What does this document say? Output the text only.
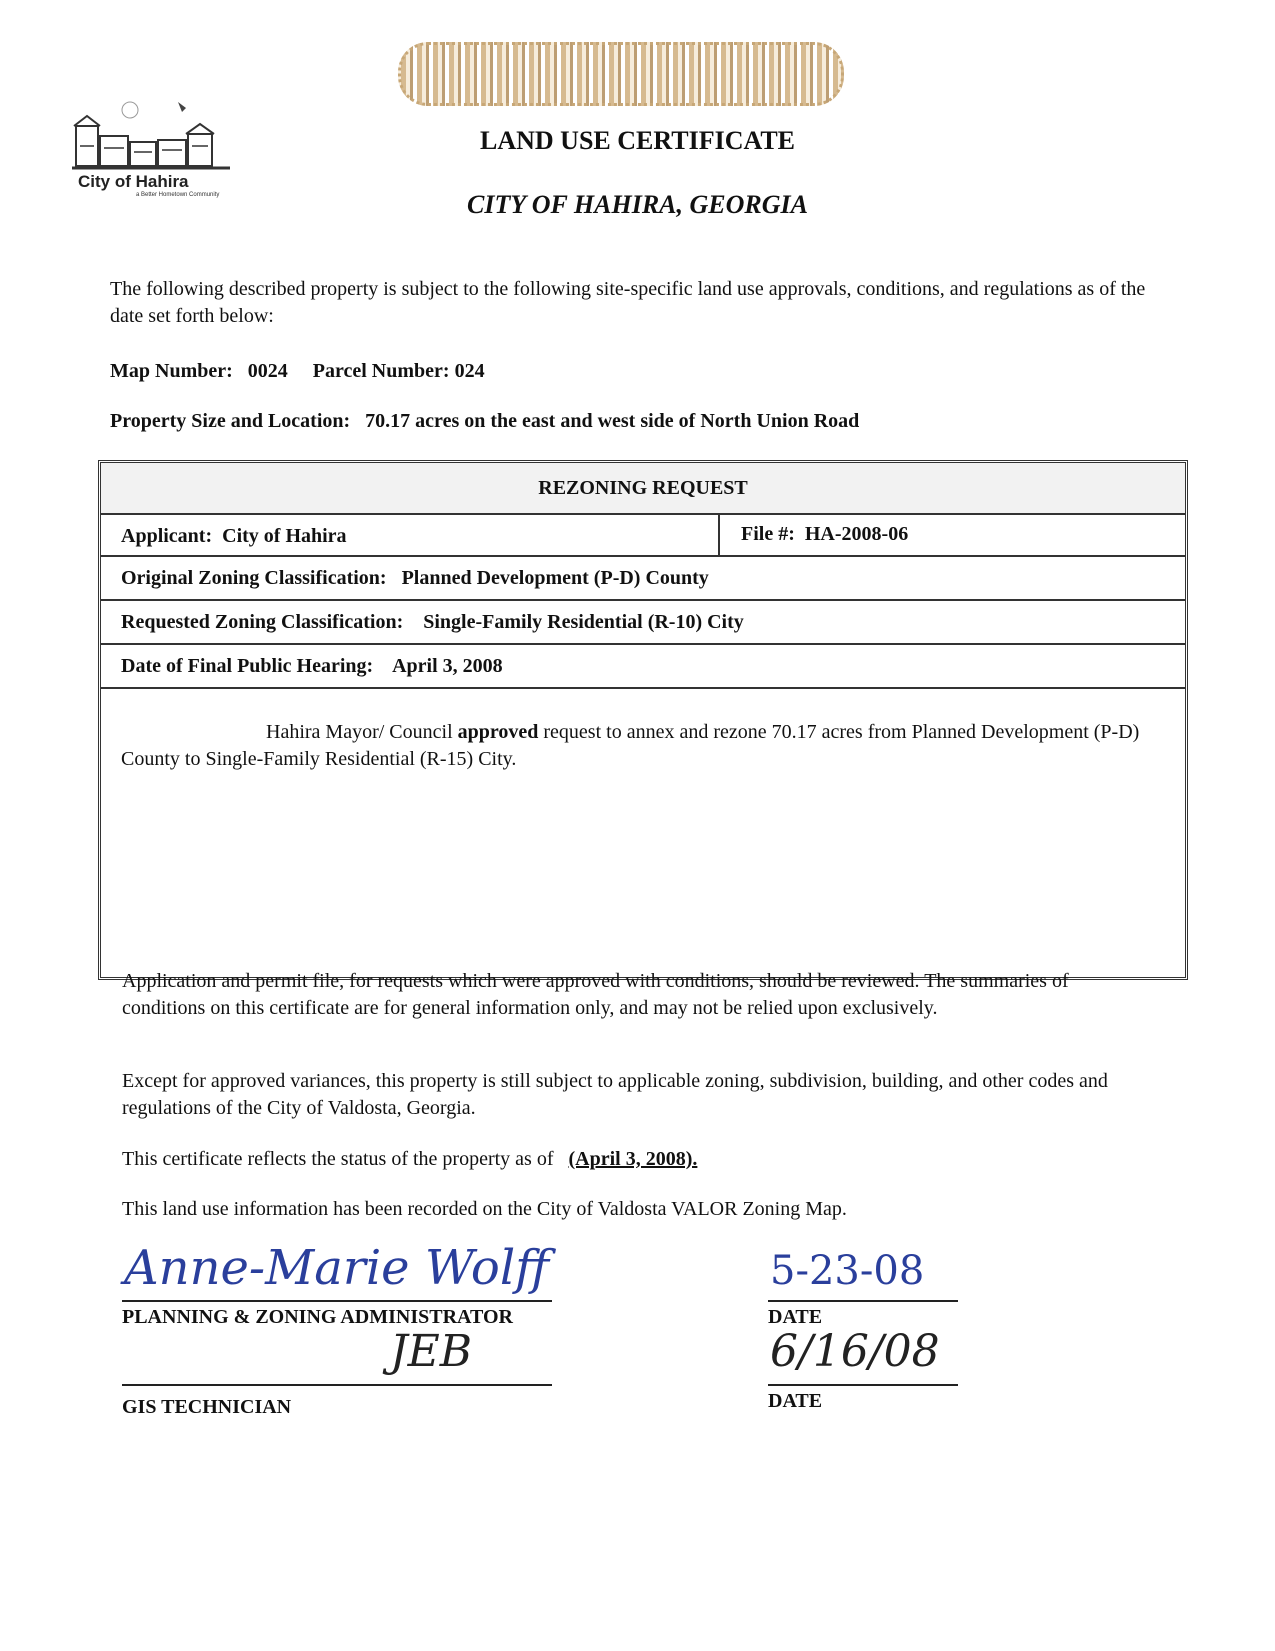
City of Hahira
a Better Hometown Community
LAND USE CERTIFICATE
CITY OF HAHIRA, GEORGIA
The following described property is subject to the following site-specific land use approvals, conditions, and regulations as of the date set forth below:
Map Number: 0024 Parcel Number: 024
Property Size and Location: 70.17 acres on the east and west side of North Union Road
REZONING REQUEST
Applicant: City of Hahira	File #: HA-2008-06
Original Zoning Classification: Planned Development (P-D) County
Requested Zoning Classification: Single-Family Residential (R-10) City
Date of Final Public Hearing: April 3, 2008
Hahira Mayor/ Council approved request to annex and rezone 70.17 acres from Planned Development (P-D) County to Single-Family Residential (R-15) City.
Application and permit file, for requests which were approved with conditions, should be reviewed. The summaries of conditions on this certificate are for general information only, and may not be relied upon exclusively.
Except for approved variances, this property is still subject to applicable zoning, subdivision, building, and other codes and regulations of the City of Valdosta, Georgia.
This certificate reflects the status of the property as of (April 3, 2008).
This land use information has been recorded on the City of Valdosta VALOR Zoning Map.
Anne-Marie Wolff
PLANNING & ZONING ADMINISTRATOR
5-23-08
DATE
JEB
GIS TECHNICIAN
6/16/08
DATE
